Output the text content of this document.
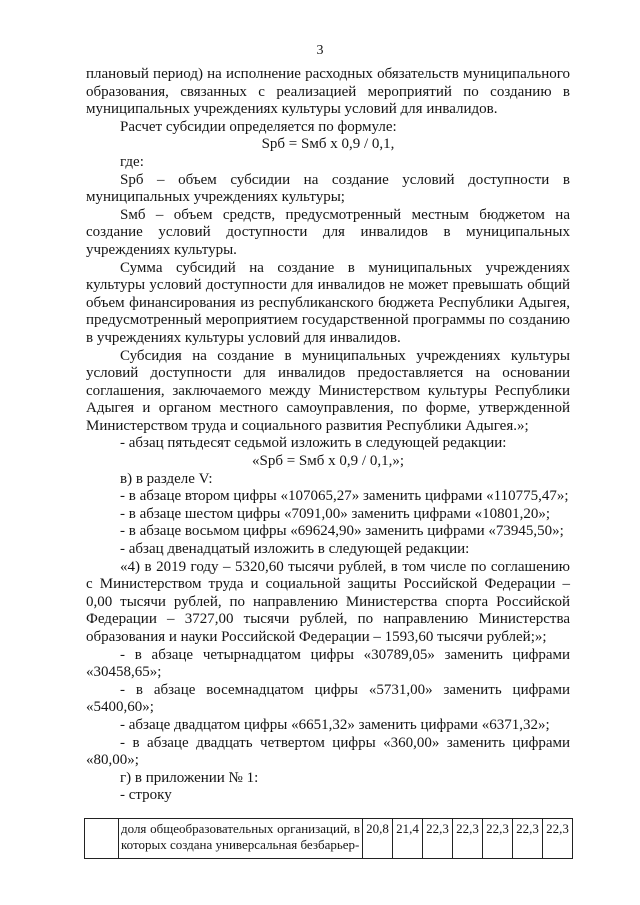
3

плановый период) на исполнение расходных обязательств муниципального образования, связанных с реализацией мероприятий по созданию в муниципальных учреждениях культуры условий для инвалидов.

Расчет субсидии определяется по формуле:

Sрб = Sмб x 0,9 / 0,1,

где:

Sрб – объем субсидии на создание условий доступности в муниципальных учреждениях культуры;

Sмб – объем средств, предусмотренный местным бюджетом на создание условий доступности для инвалидов в муниципальных учреждениях культуры.

Сумма субсидий на создание в муниципальных учреждениях культуры условий доступности для инвалидов не может превышать общий объем финансирования из республиканского бюджета Республики Адыгея, предусмотренный мероприятием государственной программы по созданию в учреждениях культуры условий для инвалидов.

Субсидия на создание в муниципальных учреждениях культуры условий доступности для инвалидов предоставляется на основании соглашения, заключаемого между Министерством культуры Республики Адыгея и органом местного самоуправления, по форме, утвержденной Министерством труда и социального развития Республики Адыгея.»;

- абзац пятьдесят седьмой изложить в следующей редакции:

«Sрб = Sмб x 0,9 / 0,1,»;

в) в разделе V:

- в абзаце втором цифры «107065,27» заменить цифрами «110775,47»;

- в абзаце шестом цифры «7091,00» заменить цифрами «10801,20»;

- в абзаце восьмом цифры «69624,90» заменить цифрами «73945,50»;

- абзац двенадцатый изложить в следующей редакции:

«4) в 2019 году – 5320,60 тысячи рублей, в том числе по соглашению с Министерством труда и социальной защиты Российской Федерации – 0,00 тысячи рублей, по направлению Министерства спорта Российской Федерации – 3727,00 тысячи рублей, по направлению Министерства образования и науки Российской Федерации – 1593,60 тысячи рублей;»;

- в абзаце четырнадцатом цифры «30789,05» заменить цифрами «30458,65»;

- в абзаце восемнадцатом цифры «5731,00» заменить цифрами «5400,60»;

- абзаце двадцатом цифры «6651,32» заменить цифрами «6371,32»;

- в абзаце двадцать четвертом цифры «360,00» заменить цифрами «80,00»;

г) в приложении № 1:

- строку

	доля общеобразовательных организаций, в которых создана универсальная безбарьер-	20,8	21,4	22,3	22,3	22,3	22,3	22,3
